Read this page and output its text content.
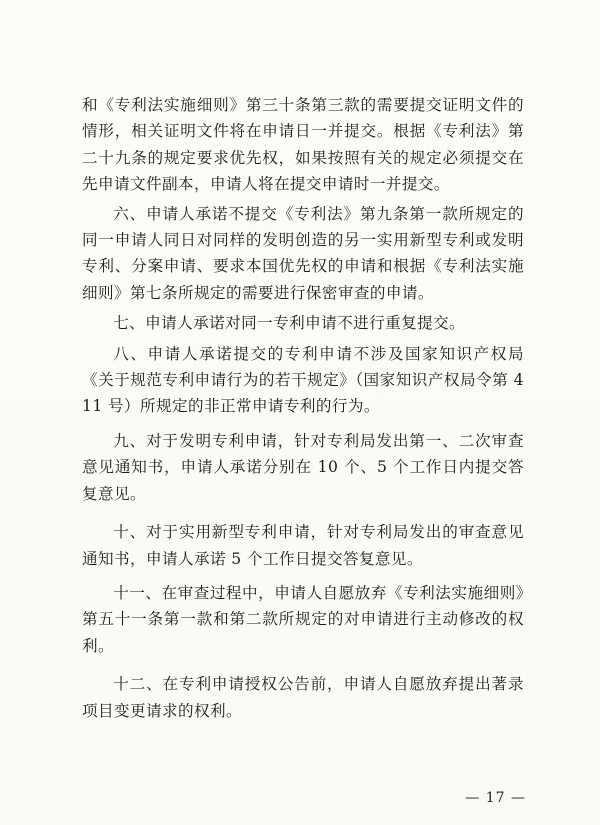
和《专利法实施细则》第三十条第三款的需要提交证明文件的情形，相关证明文件将在申请日一并提交。根据《专利法》第二十九条的规定要求优先权，如果按照有关的规定必须提交在先申请文件副本，申请人将在提交申请时一并提交。

六、申请人承诺不提交《专利法》第九条第一款所规定的同一申请人同日对同样的发明创造的另一实用新型专利或发明专利、分案申请、要求本国优先权的申请和根据《专利法实施细则》第七条所规定的需要进行保密审查的申请。

七、申请人承诺对同一专利申请不进行重复提交。

八、申请人承诺提交的专利申请不涉及国家知识产权局《关于规范专利申请行为的若干规定》（国家知识产权局令第 411 号）所规定的非正常申请专利的行为。

九、对于发明专利申请，针对专利局发出第一、二次审查意见通知书，申请人承诺分别在 10 个、5 个工作日内提交答复意见。

十、对于实用新型专利申请，针对专利局发出的审查意见通知书，申请人承诺 5 个工作日提交答复意见。

十一、在审查过程中，申请人自愿放弃《专利法实施细则》第五十一条第一款和第二款所规定的对申请进行主动修改的权利。

十二、在专利申请授权公告前，申请人自愿放弃提出著录项目变更请求的权利。

— 17 —
